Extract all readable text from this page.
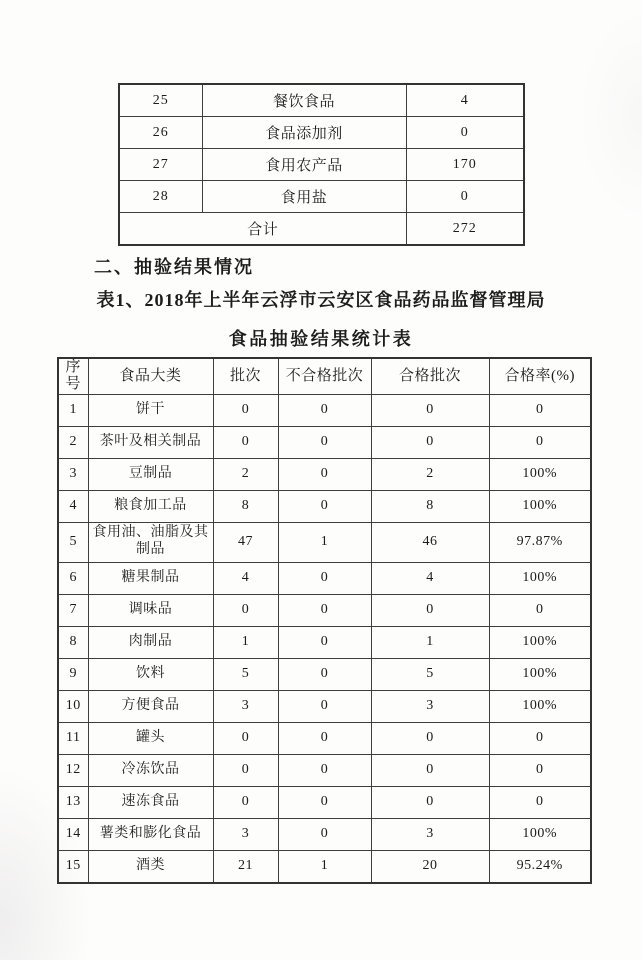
25	餐饮食品	4
26	食品添加剂	0
27	食用农产品	170
28	食用盐	0
合计		272
二、抽验结果情况
表1、2018年上半年云浮市云安区食品药品监督管理局
食品抽验结果统计表
序号	食品大类	批次	不合格批次	合格批次	合格率(%)
1	饼干	0	0	0	0
2	茶叶及相关制品	0	0	0	0
3	豆制品	2	0	2	100%
4	粮食加工品	8	0	8	100%
5	食用油、油脂及其制品	47	1	46	97.87%
6	糖果制品	4	0	4	100%
7	调味品	0	0	0	0
8	肉制品	1	0	1	100%
9	饮料	5	0	5	100%
10	方便食品	3	0	3	100%
11	罐头	0	0	0	0
12	冷冻饮品	0	0	0	0
13	速冻食品	0	0	0	0
14	薯类和膨化食品	3	0	3	100%
15	酒类	21	1	20	95.24%
